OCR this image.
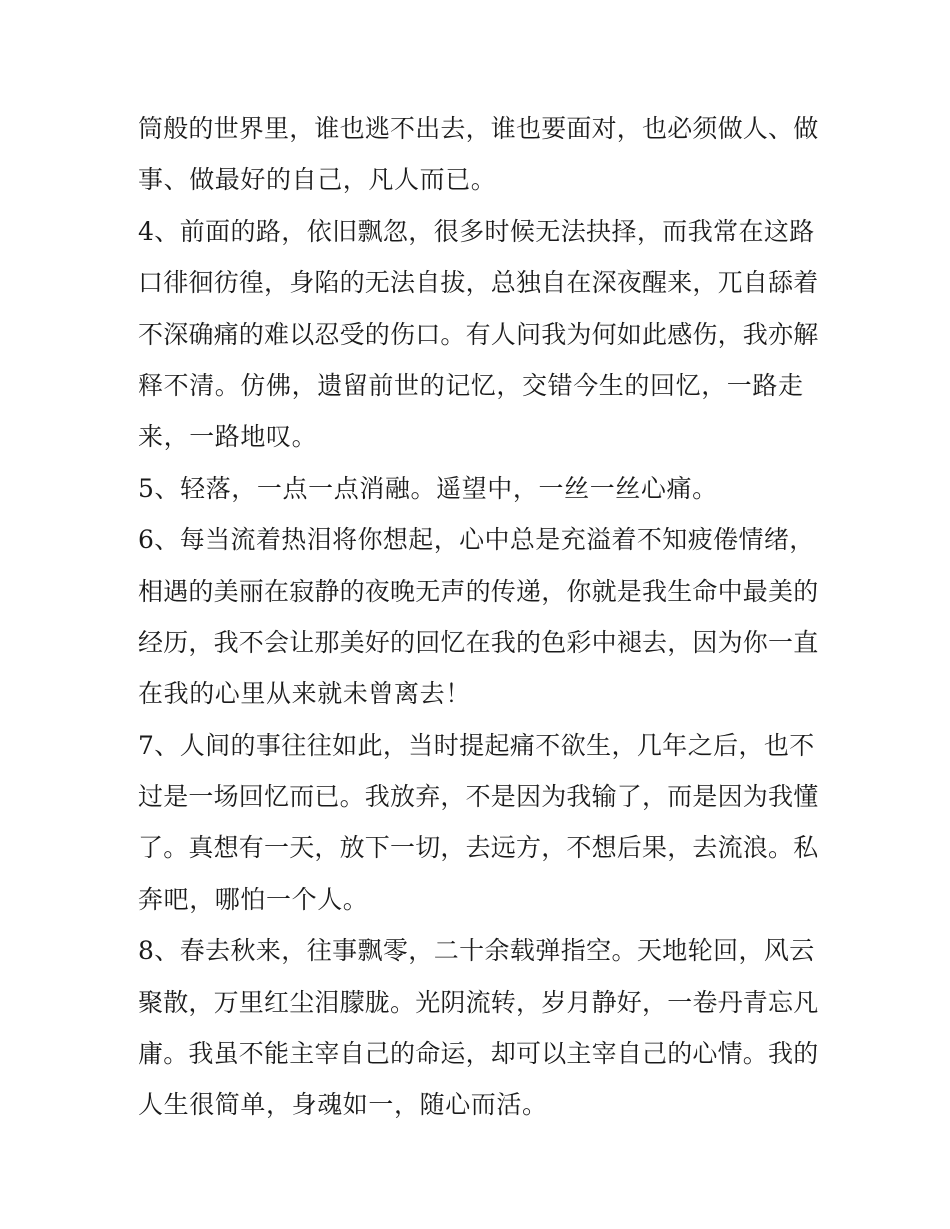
筒般的世界里，谁也逃不出去，谁也要面对，也必须做人、做
事、做最好的自己，凡人而已。
4、前面的路，依旧飘忽，很多时候无法抉择，而我常在这路
口徘徊彷徨，身陷的无法自拔，总独自在深夜醒来，兀自舔着
不深确痛的难以忍受的伤口。有人问我为何如此感伤，我亦解
释不清。仿佛，遗留前世的记忆，交错今生的回忆，一路走
来，一路地叹。
5、轻落，一点一点消融。遥望中，一丝一丝心痛。
6、每当流着热泪将你想起，心中总是充溢着不知疲倦情绪，
相遇的美丽在寂静的夜晚无声的传递，你就是我生命中最美的
经历，我不会让那美好的回忆在我的色彩中褪去，因为你一直
在我的心里从来就未曾离去！
7、人间的事往往如此，当时提起痛不欲生，几年之后，也不
过是一场回忆而已。我放弃，不是因为我输了，而是因为我懂
了。真想有一天，放下一切，去远方，不想后果，去流浪。私
奔吧，哪怕一个人。
8、春去秋来，往事飘零，二十余载弹指空。天地轮回，风云
聚散，万里红尘泪朦胧。光阴流转，岁月静好，一卷丹青忘凡
庸。我虽不能主宰自己的命运，却可以主宰自己的心情。我的
人生很简单，身魂如一，随心而活。
